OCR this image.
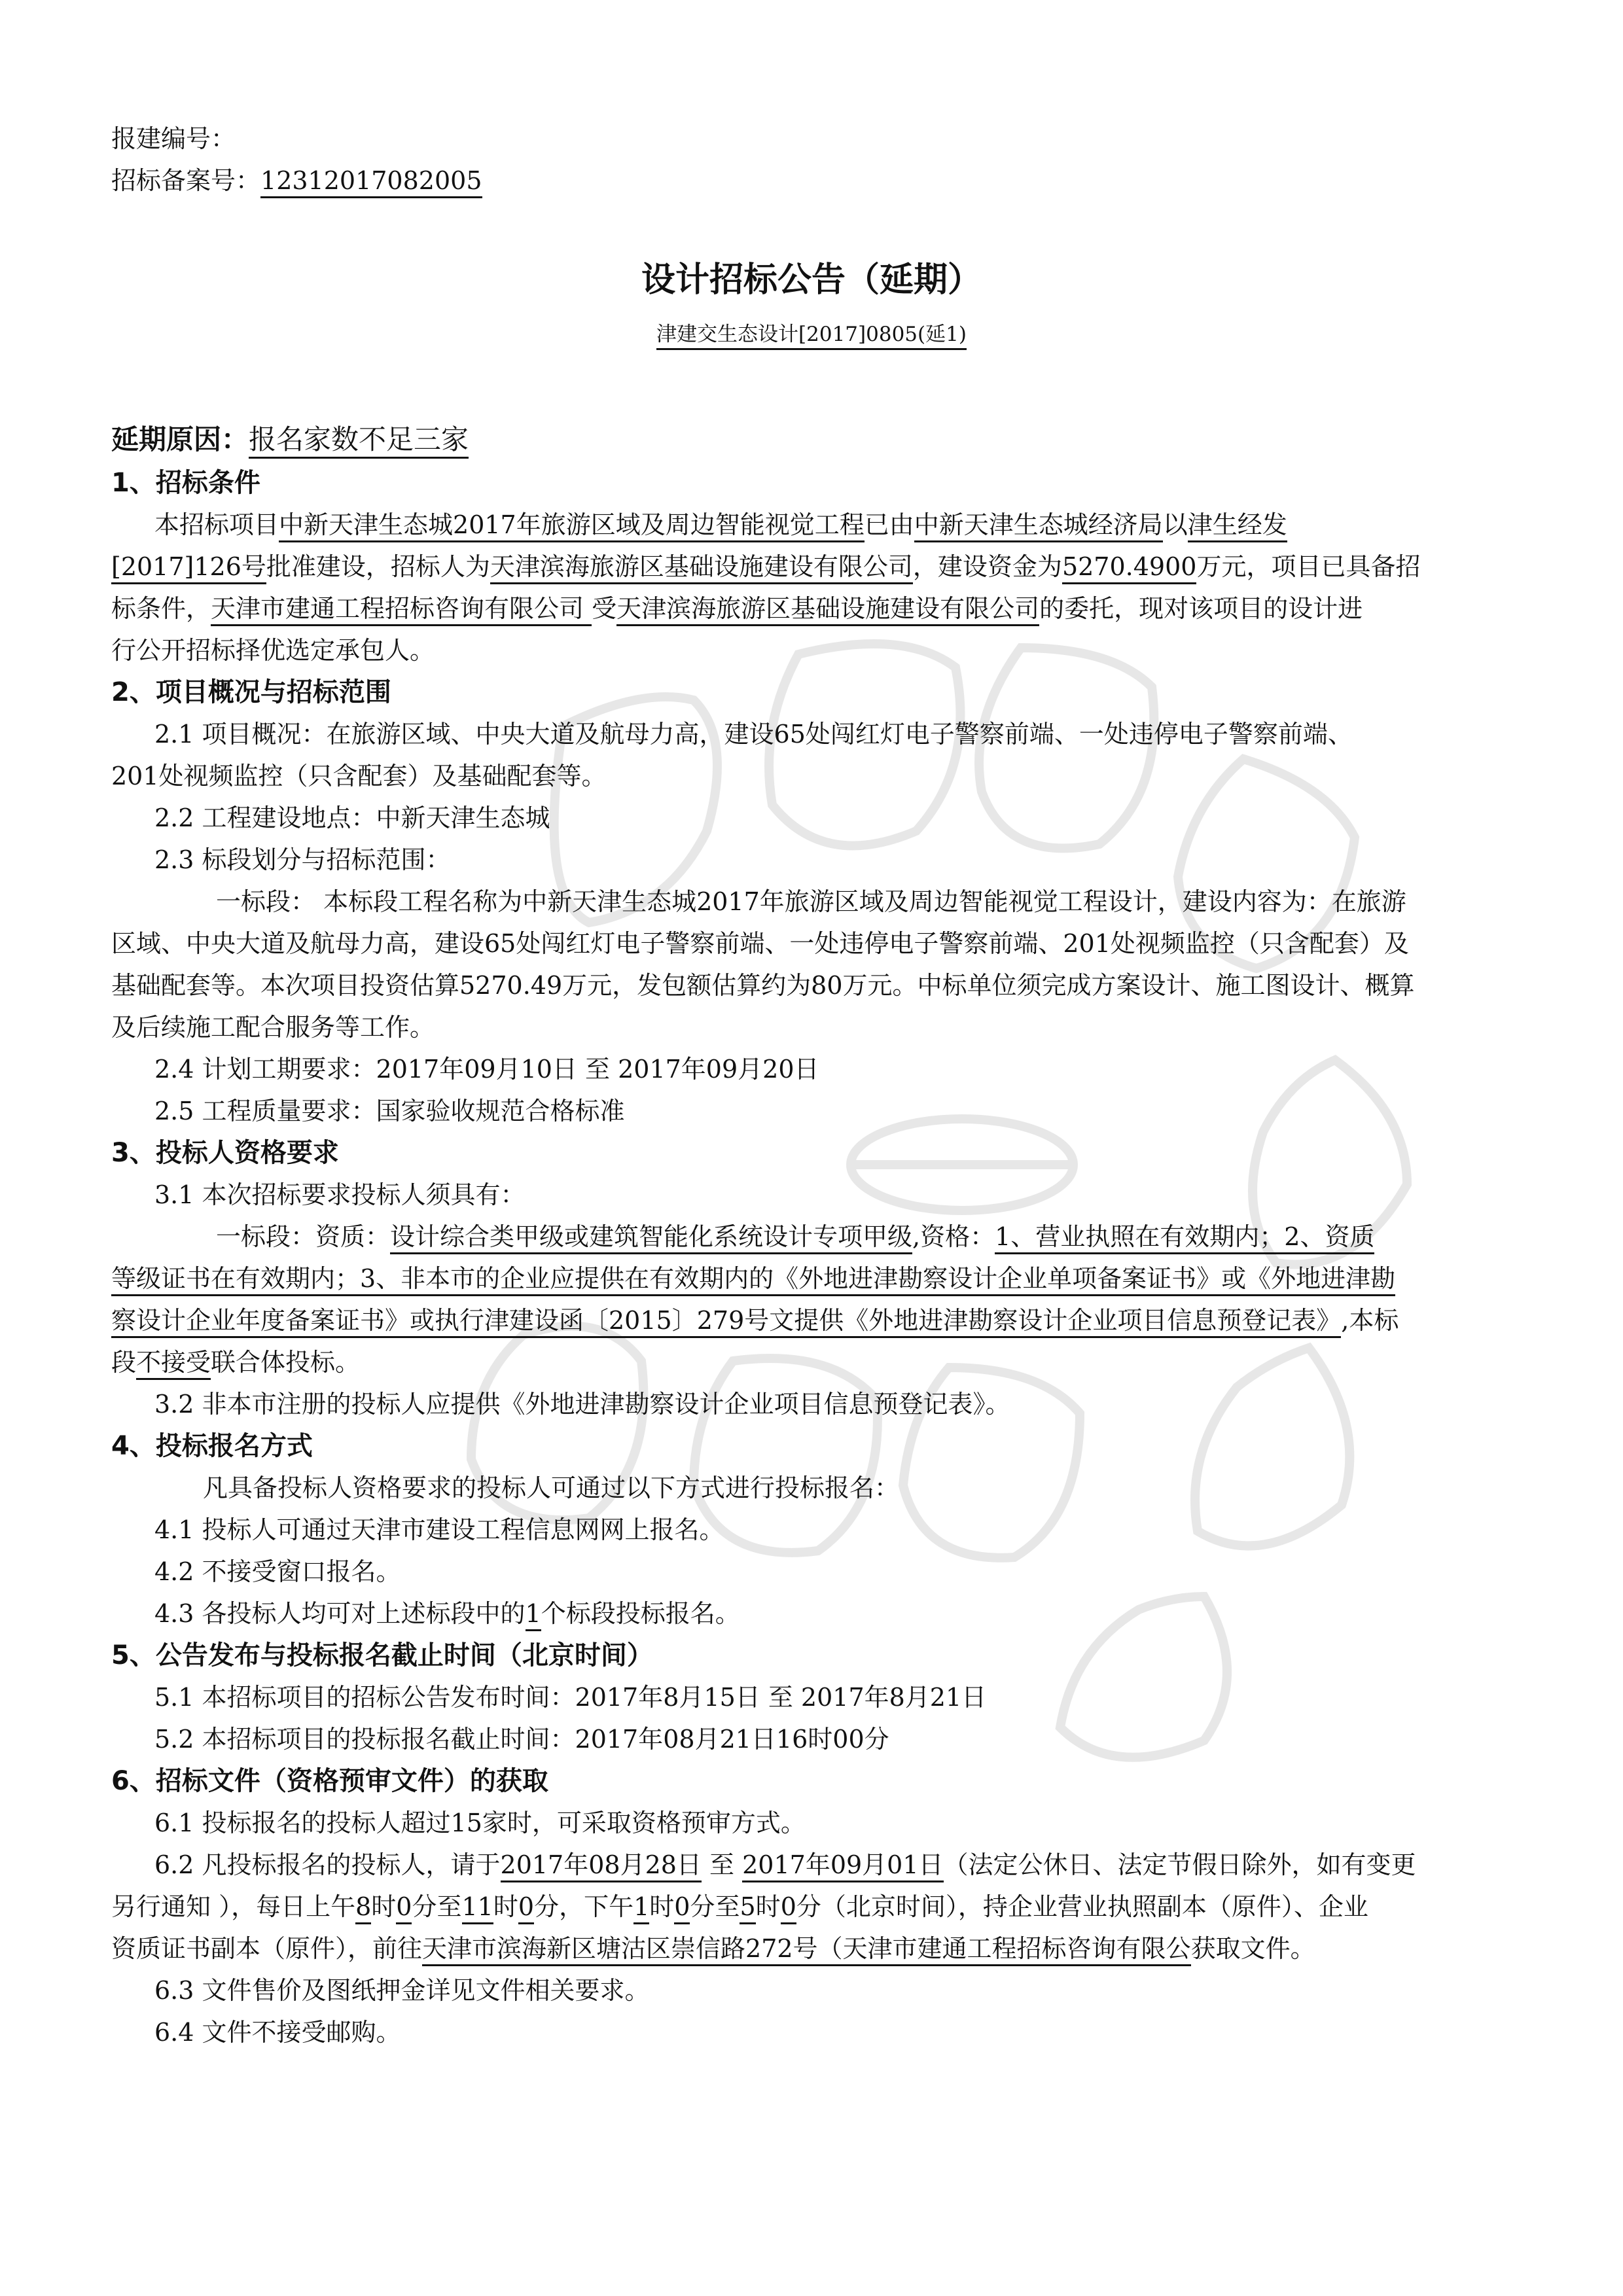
报建编号：
招标备案号：12312017082005
设计招标公告（延期）
津建交生态设计[2017]0805(延1)
延期原因：报名家数不足三家
1、招标条件
本招标项目中新天津生态城2017年旅游区域及周边智能视觉工程已由中新天津生态城经济局以津生经发
[2017]126号批准建设，招标人为天津滨海旅游区基础设施建设有限公司，建设资金为5270.4900万元，项目已具备招
标条件，天津市建通工程招标咨询有限公司 受天津滨海旅游区基础设施建设有限公司的委托，现对该项目的设计进
行公开招标择优选定承包人。
2、项目概况与招标范围
2.1 项目概况：在旅游区域、中央大道及航母力高，建设65处闯红灯电子警察前端、一处违停电子警察前端、
201处视频监控（只含配套）及基础配套等。
2.2 工程建设地点：中新天津生态城
2.3 标段划分与招标范围：
一标段： 本标段工程名称为中新天津生态城2017年旅游区域及周边智能视觉工程设计，建设内容为：在旅游
区域、中央大道及航母力高，建设65处闯红灯电子警察前端、一处违停电子警察前端、201处视频监控（只含配套）及
基础配套等。本次项目投资估算5270.49万元，发包额估算约为80万元。中标单位须完成方案设计、施工图设计、概算
及后续施工配合服务等工作。
2.4 计划工期要求：2017年09月10日 至 2017年09月20日
2.5 工程质量要求：国家验收规范合格标准
3、投标人资格要求
3.1 本次招标要求投标人须具有：
一标段：资质：设计综合类甲级或建筑智能化系统设计专项甲级,资格：1、营业执照在有效期内；2、资质
等级证书在有效期内；3、非本市的企业应提供在有效期内的《外地进津勘察设计企业单项备案证书》或《外地进津勘
察设计企业年度备案证书》或执行津建设函〔2015〕279号文提供《外地进津勘察设计企业项目信息预登记表》,本标
段不接受联合体投标。
3.2 非本市注册的投标人应提供《外地进津勘察设计企业项目信息预登记表》。
4、投标报名方式
凡具备投标人资格要求的投标人可通过以下方式进行投标报名：
4.1 投标人可通过天津市建设工程信息网网上报名。
4.2 不接受窗口报名。
4.3 各投标人均可对上述标段中的1个标段投标报名。
5、公告发布与投标报名截止时间（北京时间）
5.1 本招标项目的招标公告发布时间：2017年8月15日 至 2017年8月21日
5.2 本招标项目的投标报名截止时间：2017年08月21日16时00分
6、招标文件（资格预审文件）的获取
6.1 投标报名的投标人超过15家时，可采取资格预审方式。
6.2 凡投标报名的投标人，请于2017年08月28日 至 2017年09月01日（法定公休日、法定节假日除外，如有变更
另行通知 ），每日上午8时0分至11时0分，下午1时0分至5时0分（北京时间），持企业营业执照副本（原件）、企业
资质证书副本（原件），前往天津市滨海新区塘沽区崇信路272号（天津市建通工程招标咨询有限公获取文件。
6.3 文件售价及图纸押金详见文件相关要求。
6.4 文件不接受邮购。
